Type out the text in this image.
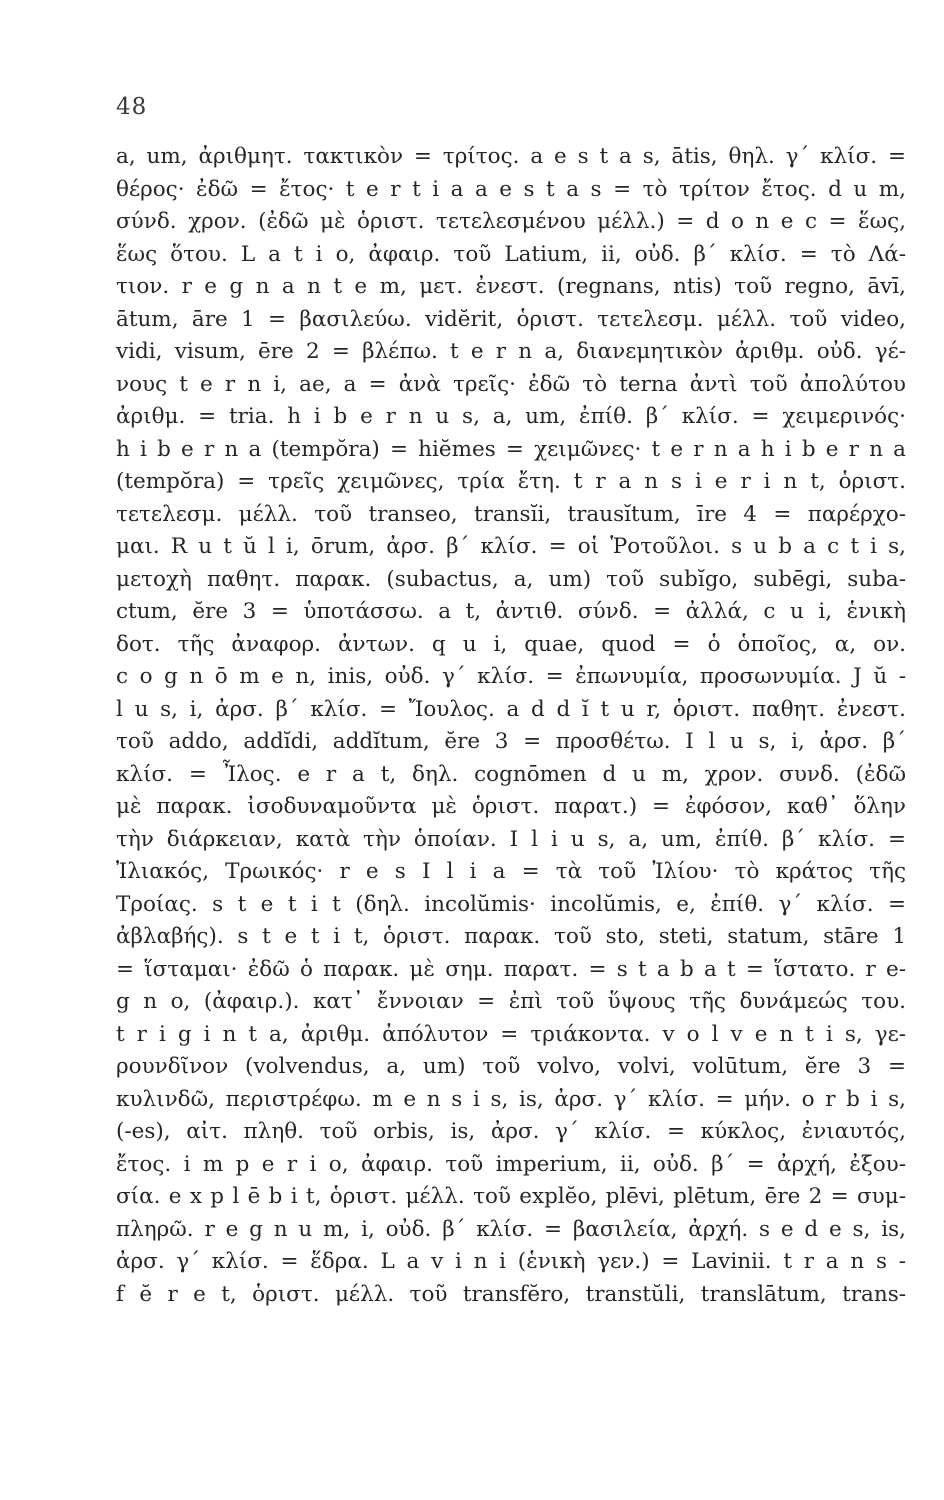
48
a, um, ἀριθμητ. τακτικὸν = τρίτος. a e s t a s, ātis, θηλ. γ΄ κλίσ. =
θέρος· ἐδῶ = ἔτος· t e r t i a a e s t a s = τὸ τρίτον ἔτος. d u m,
σύνδ. χρον. (ἐδῶ μὲ ὁριστ. τετελεσμένου μέλλ.) = d o n e c = ἕως,
ἕως ὅτου. L a t i o, ἀφαιρ. τοῦ Latium, ii, οὐδ. β΄ κλίσ. = τὸ Λά-
τιον. r e g n a n t e m, μετ. ἐνεστ. (regnans, ntis) τοῦ regno, āvī,
ātum, āre 1 = βασιλεύω. vidĕrit, ὁριστ. τετελεσμ. μέλλ. τοῦ video,
vidi, visum, ēre 2 = βλέπω. t e r n a, διανεμητικὸν ἀριθμ. οὐδ. γέ-
νους t e r n i, ae, a = ἀνὰ τρεῖς· ἐδῶ τὸ terna ἀντὶ τοῦ ἀπολύτου
ἀριθμ. = tria. h i b e r n u s, a, um, ἐπίθ. β΄ κλίσ. = χειμερινός·
h i b e r n a (tempŏra) = hiĕmes = χειμῶνες· t e r n a h i b e r n a
(tempŏra) = τρεῖς χειμῶνες, τρία ἔτη. t r a n s i e r i n t, ὁριστ.
τετελεσμ. μέλλ. τοῦ transeo, transĭi, trausĭtum, īre 4 = παρέρχο-
μαι. R u t ŭ l i, ōrum, ἀρσ. β΄ κλίσ. = οἱ Ῥοτοῦλοι. s u b a c t i s,
μετοχὴ παθητ. παρακ. (subactus, a, um) τοῦ subĭgo, subēgi, suba-
ctum, ĕre 3 = ὑποτάσσω. a t, ἀντιθ. σύνδ. = ἀλλά, c u i, ἑνικὴ
δοτ. τῆς ἀναφορ. ἀντων. q u i, quae, quod = ὁ ὁποῖος, α, ον.
c o g n ō m e n, inis, οὐδ. γ΄ κλίσ. = ἐπωνυμία, προσωνυμία. J ŭ -
l u s, i, ἀρσ. β΄ κλίσ. = Ἴουλος. a d d ĭ t u r, ὁριστ. παθητ. ἐνεστ.
τοῦ addo, addĭdi, addĭtum, ĕre 3 = προσθέτω. I l u s, i, ἀρσ. β΄
κλίσ. = Ἶλος. e r a t, δηλ. cognōmen d u m, χρον. συνδ. (ἐδῶ
μὲ παρακ. ἰσοδυναμοῦντα μὲ ὁριστ. παρατ.) = ἐφόσον, καθ᾽ ὅλην
τὴν διάρκειαν, κατὰ τὴν ὁποίαν. I l i u s, a, um, ἐπίθ. β΄ κλίσ. =
Ἰλιακός, Τρωικός· r e s I l i a = τὰ τοῦ Ἰλίου· τὸ κράτος τῆς
Τροίας. s t e t i t (δηλ. incolŭmis· incolŭmis, e, ἐπίθ. γ΄ κλίσ. =
ἀβλαβής). s t e t i t, ὁριστ. παρακ. τοῦ sto, steti, statum, stāre 1
= ἵσταμαι· ἐδῶ ὁ παρακ. μὲ σημ. παρατ. = s t a b a t = ἵστατο. r e-
g n o, (ἀφαιρ.). κατ᾽ ἔννοιαν = ἐπὶ τοῦ ὕψους τῆς δυνάμεώς του.
t r i g i n t a, ἀριθμ. ἀπόλυτον = τριάκοντα. v o l v e n t i s, γε-
ρουνδῖνον (volvendus, a, um) τοῦ volvo, volvi, volūtum, ĕre 3 =
κυλινδῶ, περιστρέφω. m e n s i s, is, ἀρσ. γ΄ κλίσ. = μήν. o r b i s,
(-es), αἰτ. πληθ. τοῦ orbis, is, ἀρσ. γ΄ κλίσ. = κύκλος, ἐνιαυτός,
ἔτος. i m p e r i o, ἀφαιρ. τοῦ imperium, ii, οὐδ. β΄ = ἀρχή, ἐξου-
σία. e x p l ē b i t, ὁριστ. μέλλ. τοῦ explĕo, plēvi, plētum, ēre 2 = συμ-
πληρῶ. r e g n u m, i, οὐδ. β΄ κλίσ. = βασιλεία, ἀρχή. s e d e s, is,
ἀρσ. γ΄ κλίσ. = ἕδρα. L a v i n i (ἑνικὴ γεν.) = Lavinii. t r a n s -
f ĕ r e t, ὁριστ. μέλλ. τοῦ transfĕro, transtŭli, translātum, trans-
